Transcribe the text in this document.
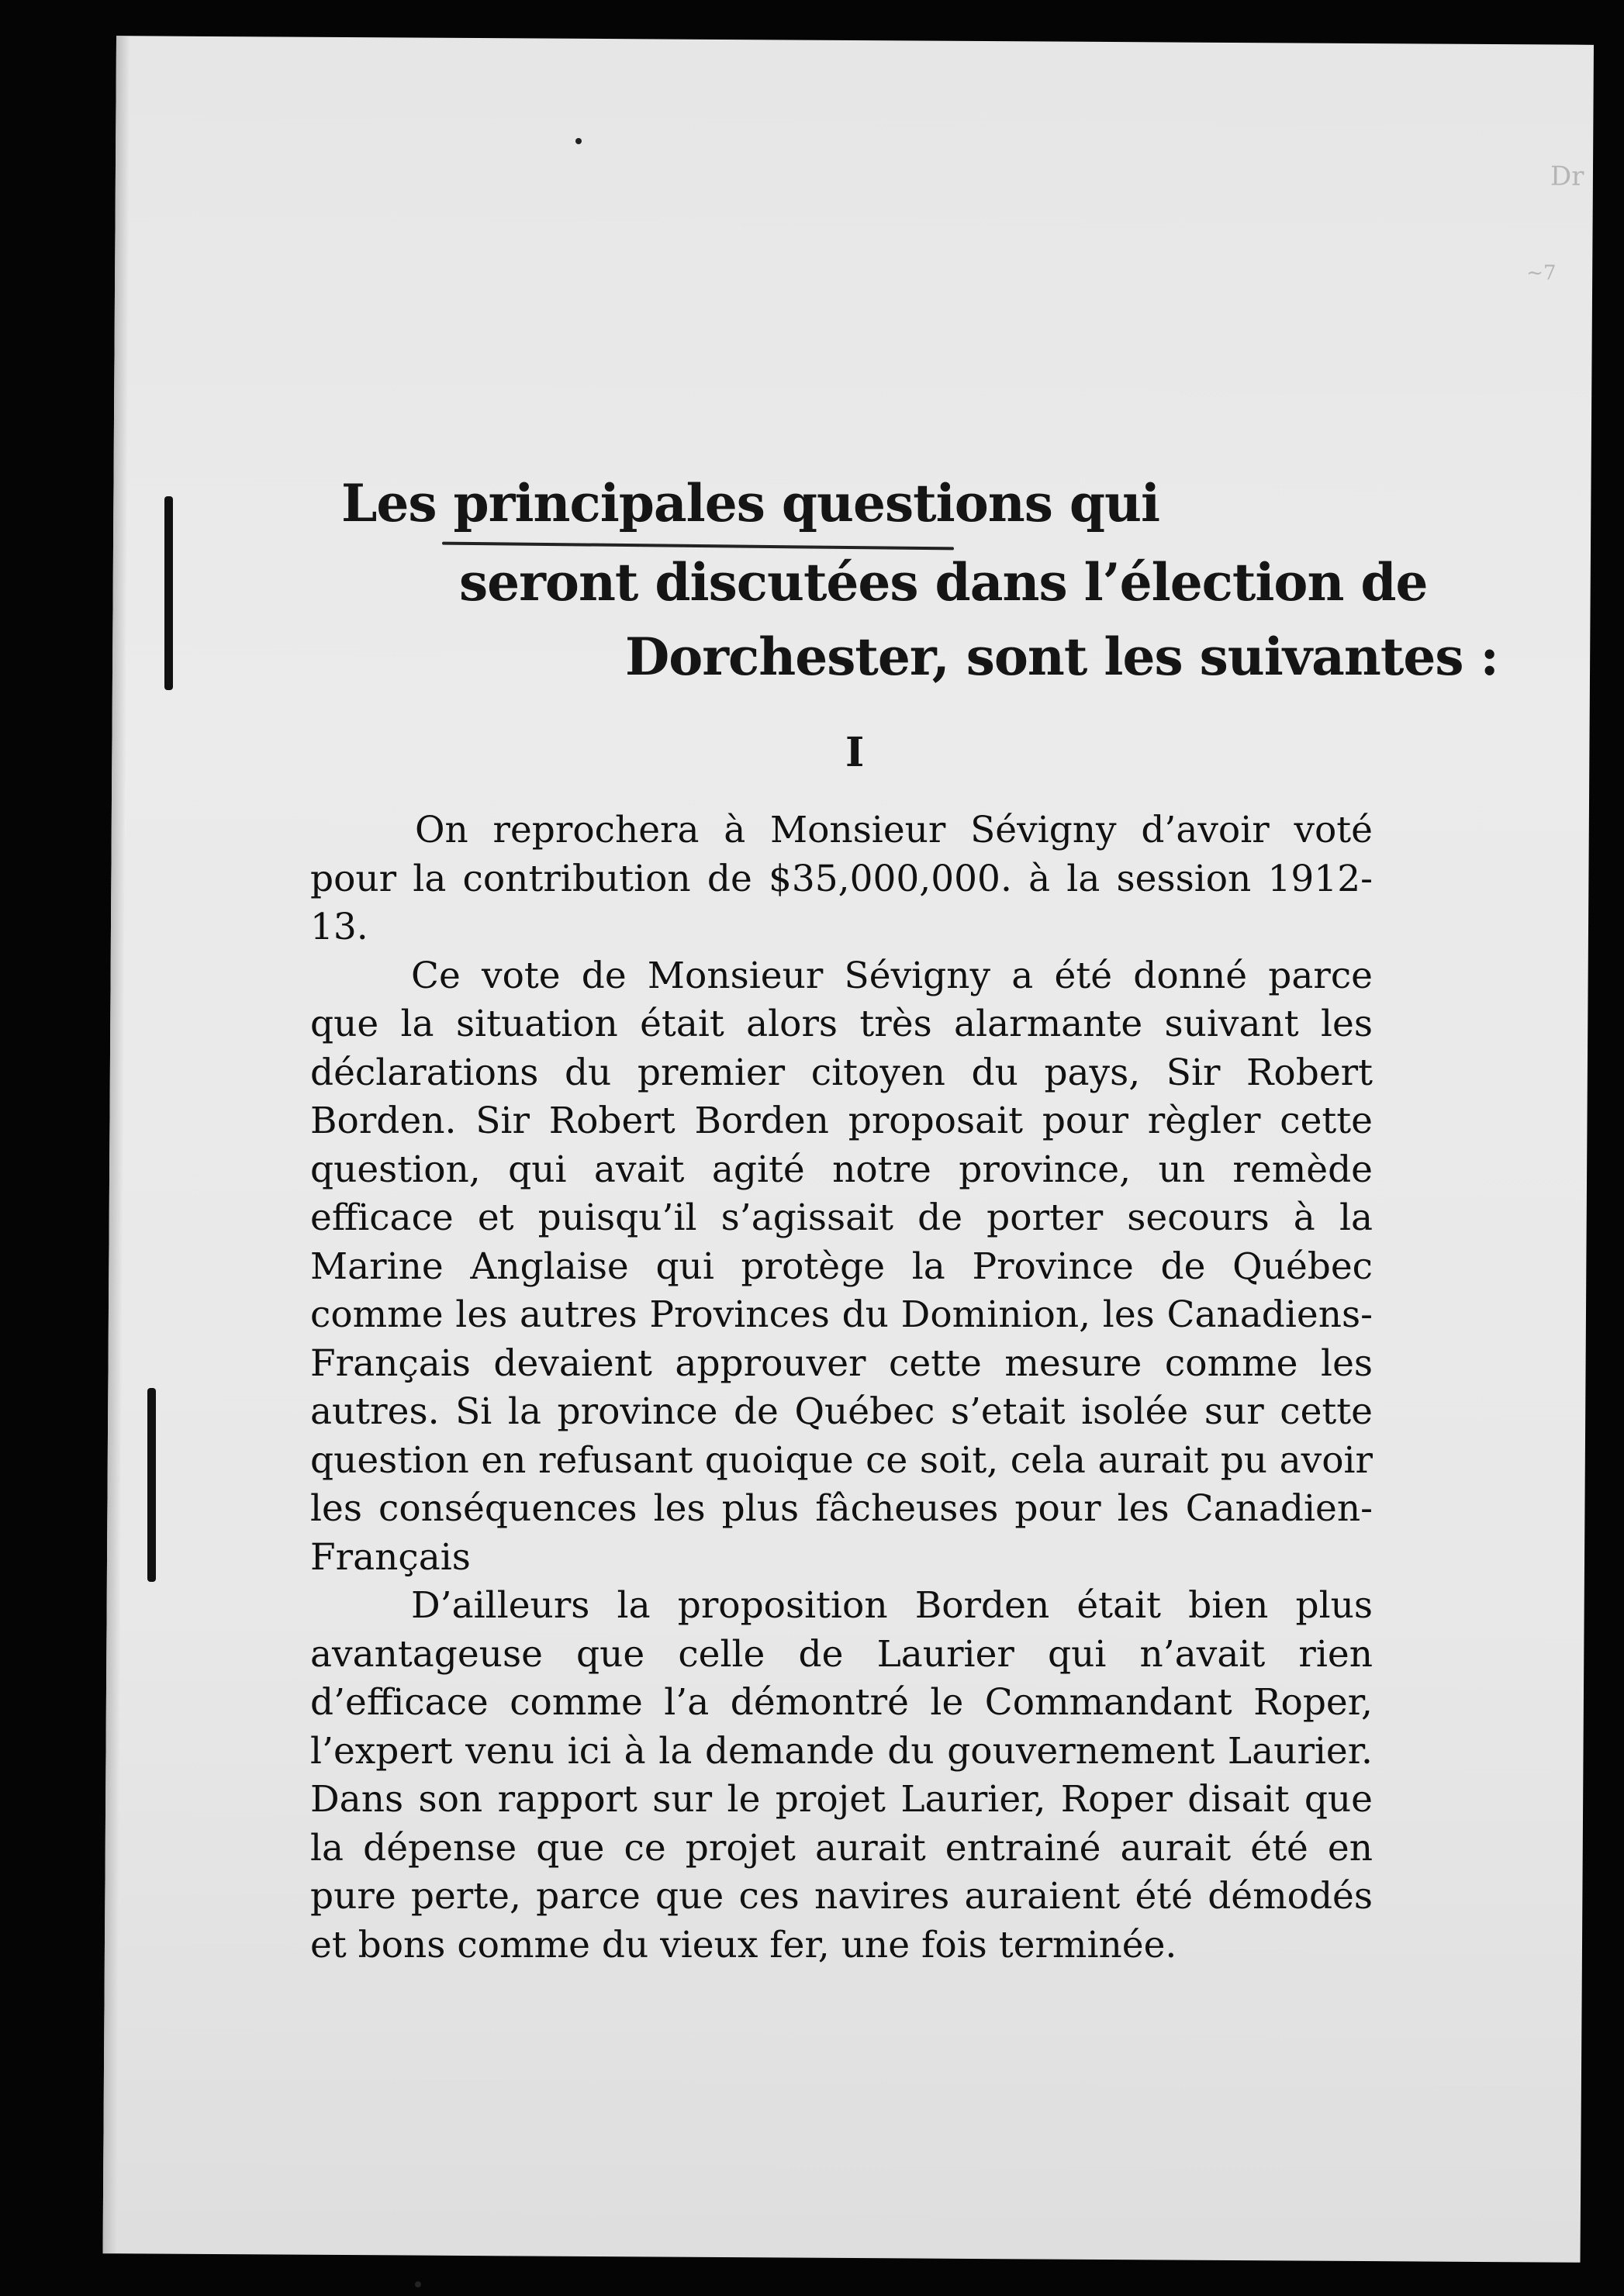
Dr
~7
Les principales questions qui
seront discutées dans l’élection de
Dorchester, sont les suivantes :
I

On reprochera à Monsieur Sévigny d’avoir voté pour la contribution de $35,000,000. à la session 1912-13.

Ce vote de Monsieur Sévigny a été donné parce que la situation était alors très alarmante suivant les déclarations du premier citoyen du pays, Sir Robert Borden. Sir Robert Borden proposait pour règler cette question, qui avait agité notre province, un remède efficace et puisqu’il s’agissait de porter secours à la Marine Anglaise qui protège la Province de Québec comme les autres Provinces du Dominion, les Canadiens-Français devaient approuver cette mesure comme les autres. Si la province de Québec s’etait isolée sur cette question en refusant quoique ce soit, cela aurait pu avoir les conséquences les plus fâcheuses pour les Canadien-Français

D’ailleurs la proposition Borden était bien plus avantageuse que celle de Laurier qui n’avait rien d’efficace comme l’a démontré le Commandant Roper, l’expert venu ici à la demande du gouvernement Laurier. Dans son rapport sur le projet Laurier, Roper disait que la dépense que ce projet aurait entrainé aurait été en pure perte, parce que ces navires auraient été démodés et bons comme du vieux fer, une fois terminée.
